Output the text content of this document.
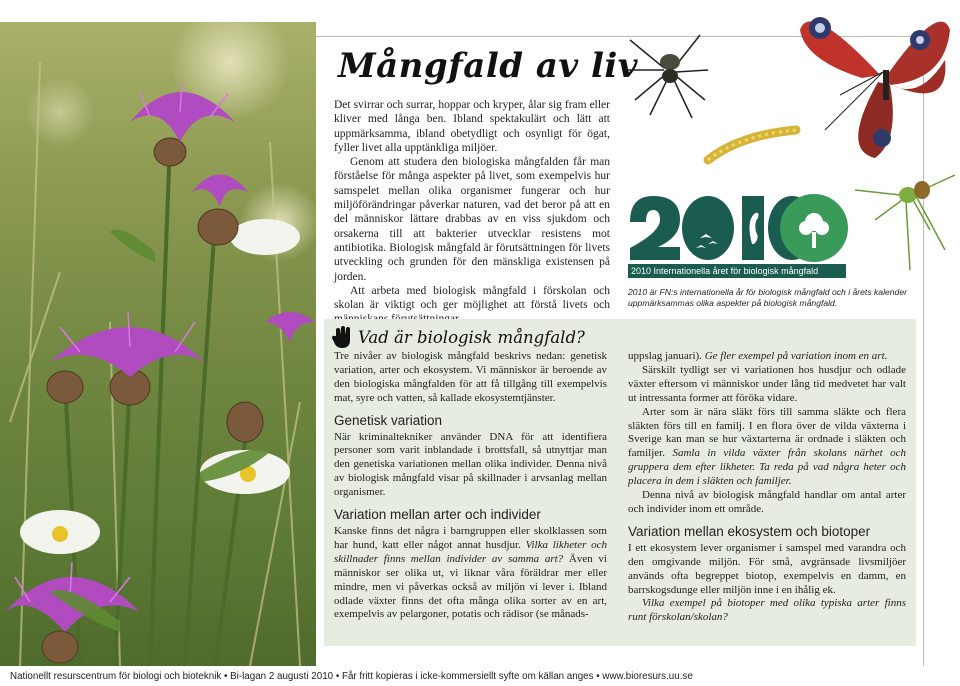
Mångfald av liv

Det svirrar och surrar, hoppar och kryper, ålar sig fram eller kliver med långa ben. Ibland spektakulärt och lätt att uppmärksamma, ibland obetydligt och osynligt för ögat, fyller livet alla upptänkliga miljöer.

Genom att studera den biologiska mångfalden får man förståelse för många aspekter på livet, som exempelvis hur samspelet mellan olika organismer fungerar och hur miljöförändringar påverkar naturen, vad det beror på att en del människor lättare drabbas av en viss sjukdom och orsakerna till att bakterier utvecklar resistens mot antibiotika. Biologisk mångfald är förutsättningen för livets utveckling och grunden för den mänskliga existensen på jorden.

Att arbeta med biologisk mångfald i förskolan och skolan är viktigt och ger möjlighet att förstå livets och

2010 Internationella året för biologisk mångfald

2010 är FN:s internationella år för biologisk mångfald och i årets kalender uppmärksammas olika aspekter på biologisk mångfald.

Vad är biologisk mångfald?

Tre nivåer av biologisk mångfald beskrivs nedan: genetisk variation, arter och ekosystem. Vi människor är beroende av den biologiska mångfalden för att få tillgång till exempelvis mat, syre och vatten, så kallade ekosystemtjänster.

Genetisk variation

När kriminaltekniker använder DNA för att identifiera personer som varit inblandade i brottsfall, så utnyttjar man den genetiska variationen mellan olika individer. Denna nivå av biologisk mångfald visar på skillnader i arvsanlag mellan organismer.

Variation mellan arter och individer

Kanske finns det några i barngruppen eller skolklassen som har hund, katt eller något annat husdjur. Vilka likheter och skillnader finns mellan individer av samma art? Även vi människor ser olika ut, vi liknar våra föräldrar mer eller mindre, men vi påverkas också av miljön vi lever i. Ibland odlade växter finns det ofta många olika sorter av en art, exempelvis av pelargoner, potatis och rädisor (se månads-

uppslag januari). Ge fler exempel på variation inom en art.

Särskilt tydligt ser vi variationen hos husdjur och odlade växter eftersom vi människor under lång tid medvetet har valt ut intressanta former att föröka vidare.

Arter som är nära släkt förs till samma släkte och flera släkten förs till en familj. I en flora över de vilda växterna i Sverige kan man se hur växtarterna är ordnade i släkten och familjer. Samla in vilda växter från skolans närhet och gruppera dem efter likheter. Ta reda på vad några heter och placera in dem i släkten och familjer.

Denna nivå av biologisk mångfald handlar om antal arter och individer inom ett område.

Variation mellan ekosystem och biotoper

I ett ekosystem lever organismer i samspel med varandra och den omgivande miljön. För små, avgränsade livsmiljöer används ofta begreppet biotop, exempelvis en damm, en barrskogsdunge eller miljön inne i en ihålig ek.

Vilka exempel på biotoper med olika typiska arter finns runt förskolan/skolan?

Nationellt resurscentrum för biologi och bioteknik • Bi-lagan 2 augusti 2010 • Får fritt kopieras i icke-kommersiellt syfte om källan anges • www.bioresurs.uu.se
